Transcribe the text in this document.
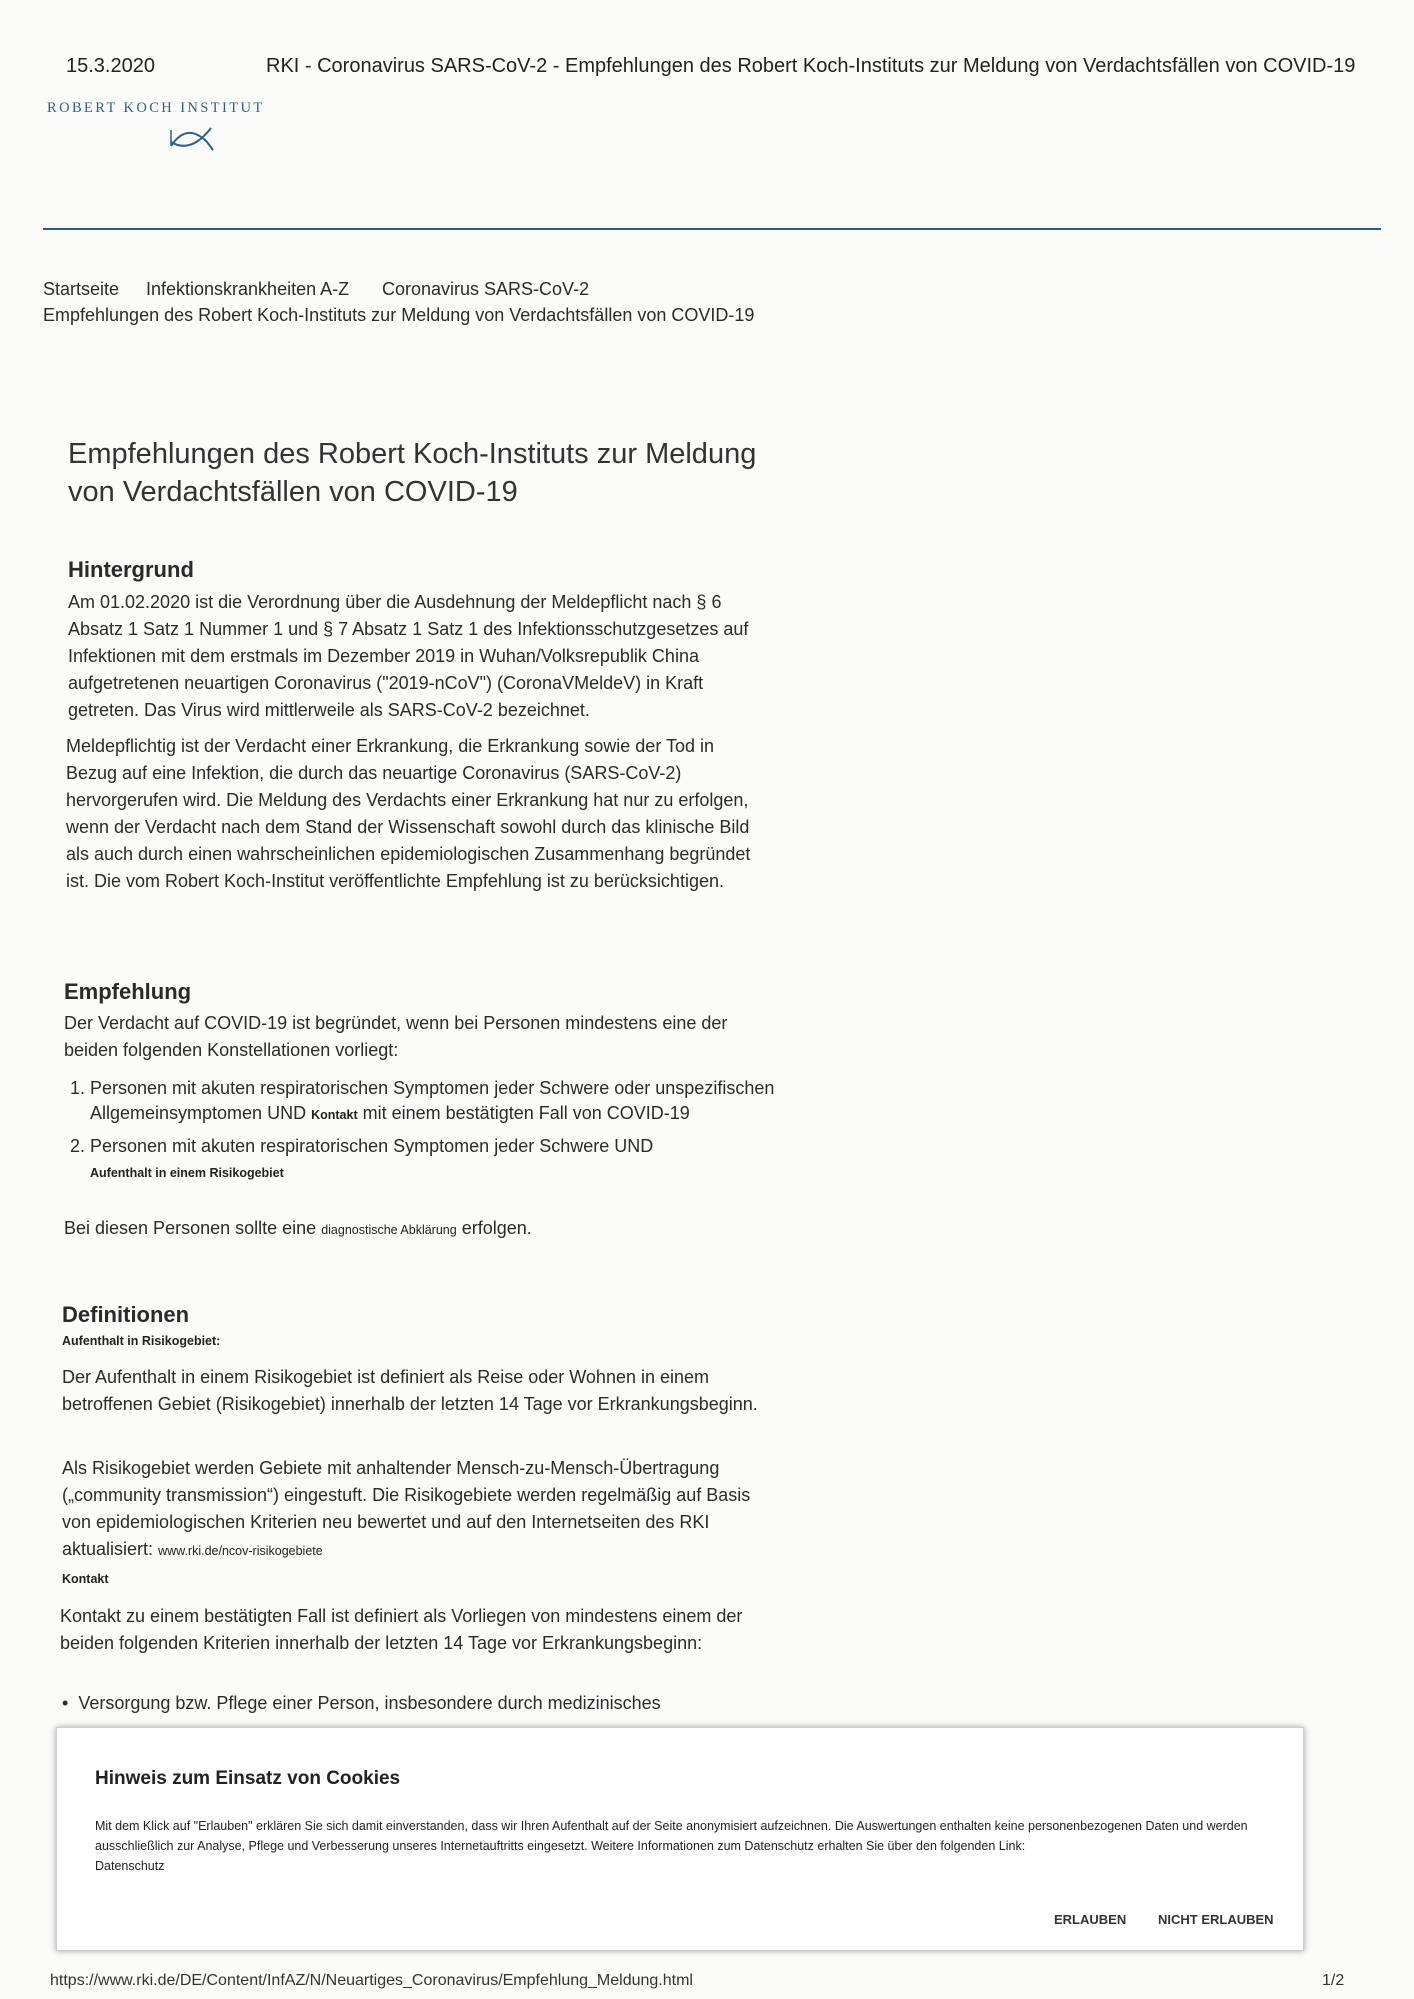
15.3.2020	RKI - Coronavirus SARS-CoV-2 - Empfehlungen des Robert Koch-Instituts zur Meldung von Verdachtsfällen von COVID-19
ROBERT KOCH INSTITUT
Startseite Infektionskrankheiten A-Z Coronavirus SARS-CoV-2
Empfehlungen des Robert Koch-Instituts zur Meldung von Verdachtsfällen von COVID-19
Empfehlungen des Robert Koch-Instituts zur Meldung von Verdachtsfällen von COVID-19
Hintergrund

Am 01.02.2020 ist die Verordnung über die Ausdehnung der Meldepflicht nach § 6 Absatz 1 Satz 1 Nummer 1 und § 7 Absatz 1 Satz 1 des Infektionsschutzgesetzes auf Infektionen mit dem erstmals im Dezember 2019 in Wuhan/Volksrepublik China aufgetretenen neuartigen Coronavirus ("2019-nCoV") (CoronaVMeldeV) in Kraft getreten. Das Virus wird mittlerweile als SARS-CoV-2 bezeichnet.

Meldepflichtig ist der Verdacht einer Erkrankung, die Erkrankung sowie der Tod in Bezug auf eine Infektion, die durch das neuartige Coronavirus (SARS-CoV-2) hervorgerufen wird. Die Meldung des Verdachts einer Erkrankung hat nur zu erfolgen, wenn der Verdacht nach dem Stand der Wissenschaft sowohl durch das klinische Bild als auch durch einen wahrscheinlichen epidemiologischen Zusammenhang begründet ist. Die vom Robert Koch-Institut veröffentlichte Empfehlung ist zu berücksichtigen.

Empfehlung

Der Verdacht auf COVID-19 ist begründet, wenn bei Personen mindestens eine der beiden folgenden Konstellationen vorliegt:

1. Personen mit akuten respiratorischen Symptomen jeder Schwere oder unspezifischen Allgemeinsymptomen UND Kontakt mit einem bestätigten Fall von COVID-19
2. Personen mit akuten respiratorischen Symptomen jeder Schwere UND
Aufenthalt in einem Risikogebiet
Bei diesen Personen sollte eine diagnostische Abklärung erfolgen.
Definitionen
Aufenthalt in Risikogebiet:

Der Aufenthalt in einem Risikogebiet ist definiert als Reise oder Wohnen in einem betroffenen Gebiet (Risikogebiet) innerhalb der letzten 14 Tage vor Erkrankungsbeginn.

Als Risikogebiet werden Gebiete mit anhaltender Mensch-zu-Mensch-Übertragung („community transmission“) eingestuft. Die Risikogebiete werden regelmäßig auf Basis von epidemiologischen Kriterien neu bewertet und auf den Internetseiten des RKI aktualisiert: www.rki.de/ncov-risikogebiete

Kontakt

Kontakt zu einem bestätigten Fall ist definiert als Vorliegen von mindestens einem der beiden folgenden Kriterien innerhalb der letzten 14 Tage vor Erkrankungsbeginn:

• Versorgung bzw. Pflege einer Person, insbesondere durch medizinisches
Hinweis zum Einsatz von Cookies
Mit dem Klick auf "Erlauben" erklären Sie sich damit einverstanden, dass wir Ihren Aufenthalt auf der Seite anonymisiert aufzeichnen. Die Auswertungen enthalten keine personenbezogenen Daten und werden ausschließlich zur Analyse, Pflege und Verbesserung unseres Internetauftritts eingesetzt. Weitere Informationen zum Datenschutz erhalten Sie über den folgenden Link:
Datenschutz
ERLAUBEN NICHT ERLAUBEN
https://www.rki.de/DE/Content/InfAZ/N/Neuartiges_Coronavirus/Empfehlung_Meldung.html	1/2
